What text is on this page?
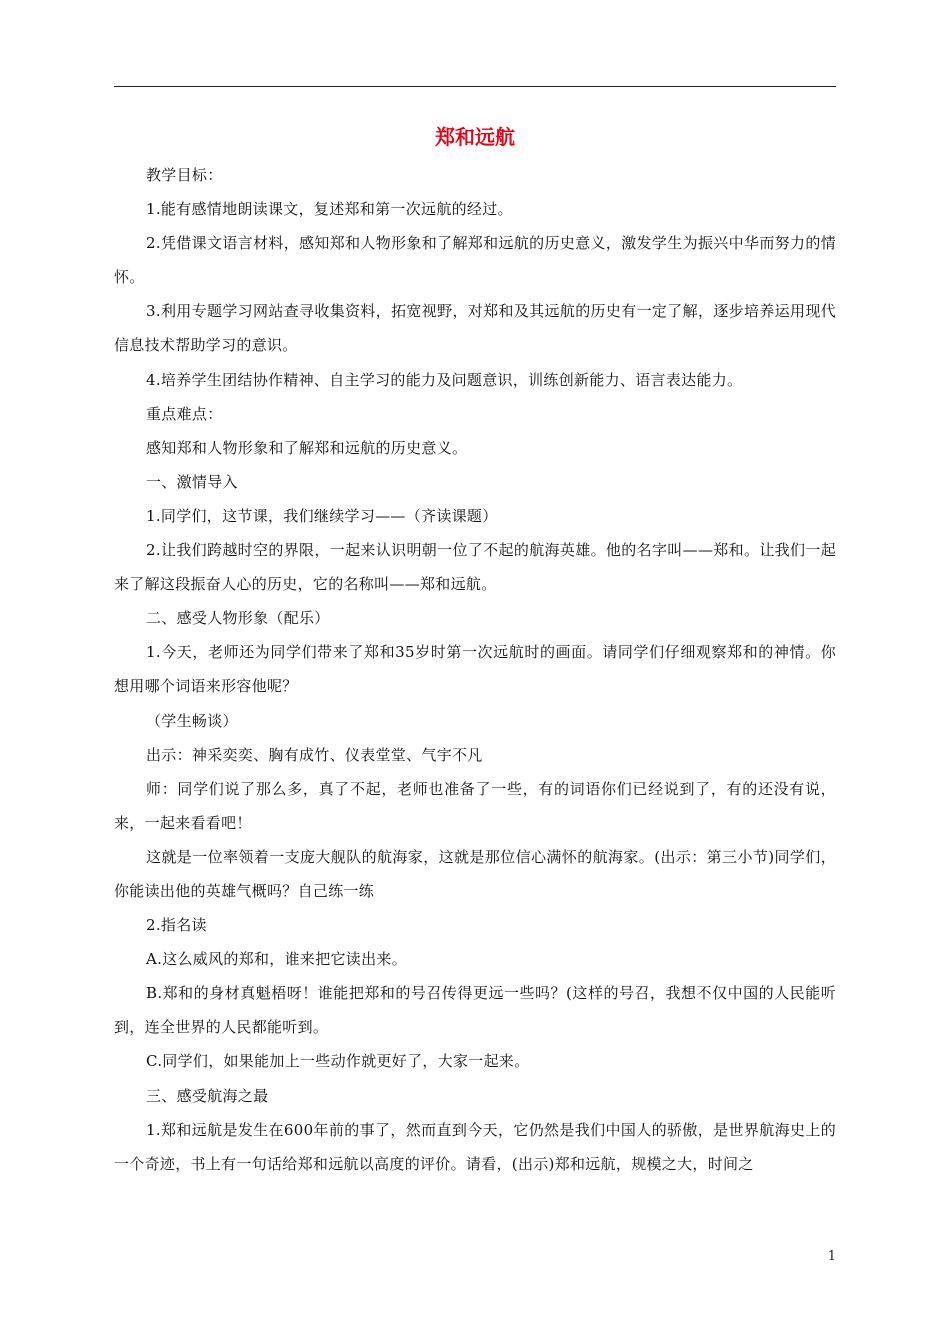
郑和远航

教学目标：

1.能有感情地朗读课文，复述郑和第一次远航的经过。

2.凭借课文语言材料，感知郑和人物形象和了解郑和远航的历史意义，激发学生为振兴中华而努力的情怀。

3.利用专题学习网站查寻收集资料，拓宽视野，对郑和及其远航的历史有一定了解，逐步培养运用现代信息技术帮助学习的意识。

4.培养学生团结协作精神、自主学习的能力及问题意识，训练创新能力、语言表达能力。

重点难点：

感知郑和人物形象和了解郑和远航的历史意义。

一、激情导入

1.同学们，这节课，我们继续学习——（齐读课题）

2.让我们跨越时空的界限，一起来认识明朝一位了不起的航海英雄。他的名字叫——郑和。让我们一起来了解这段振奋人心的历史，它的名称叫——郑和远航。

二、感受人物形象（配乐）

1.今天，老师还为同学们带来了郑和35岁时第一次远航时的画面。请同学们仔细观察郑和的神情。你想用哪个词语来形容他呢？

（学生畅谈）

出示：神采奕奕、胸有成竹、仪表堂堂、气宇不凡

师：同学们说了那么多，真了不起，老师也准备了一些，有的词语你们已经说到了，有的还没有说，来，一起来看看吧！

这就是一位率领着一支庞大舰队的航海家，这就是那位信心满怀的航海家。(出示：第三小节)同学们，你能读出他的英雄气概吗？自己练一练

2.指名读

A.这么威风的郑和，谁来把它读出来。

B.郑和的身材真魁梧呀！谁能把郑和的号召传得更远一些吗？(这样的号召，我想不仅中国的人民能听到，连全世界的人民都能听到。

C.同学们，如果能加上一些动作就更好了，大家一起来。

三、感受航海之最

1.郑和远航是发生在600年前的事了，然而直到今天，它仍然是我们中国人的骄傲，是世界航海史上的一个奇迹，书上有一句话给郑和远航以高度的评价。请看，(出示)郑和远航，规模之大，时间之

1
